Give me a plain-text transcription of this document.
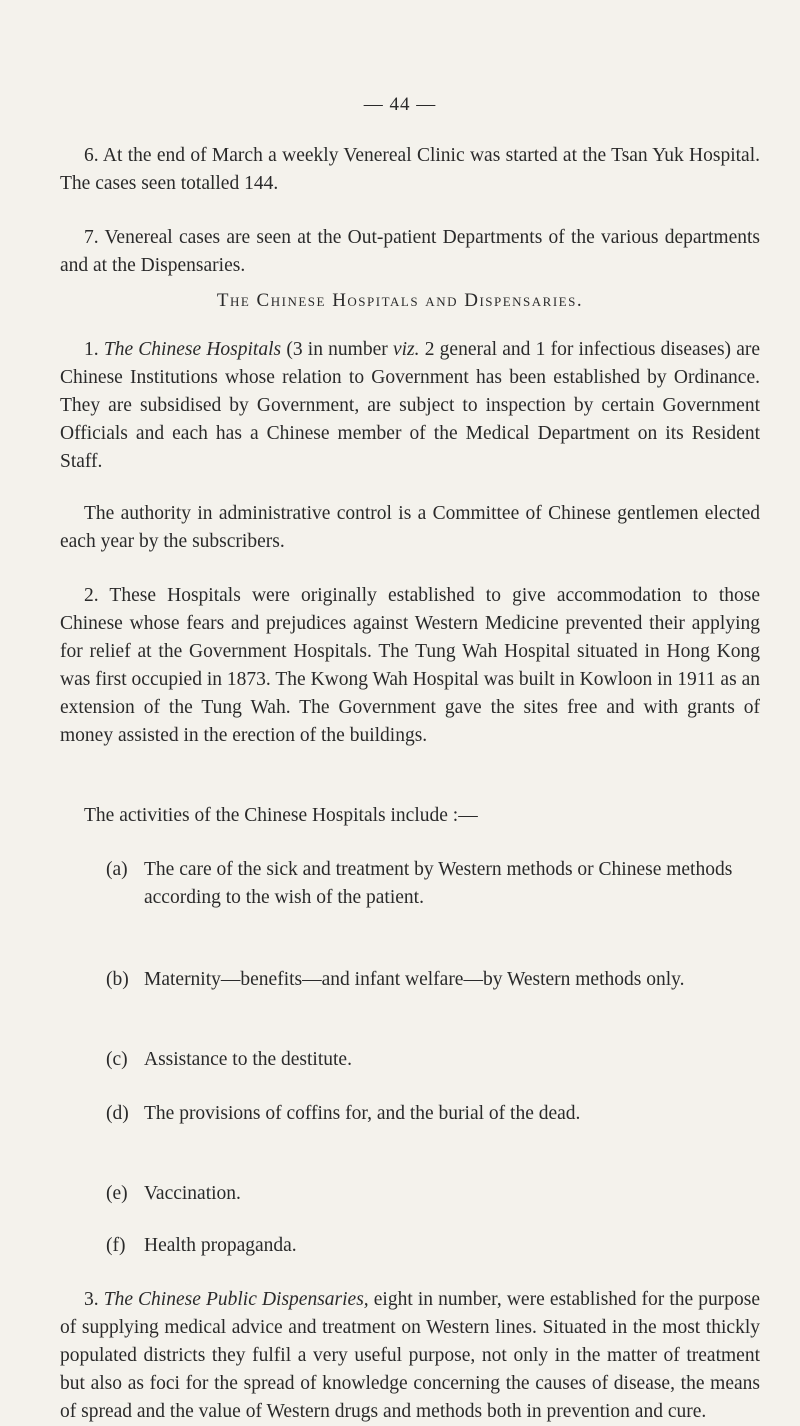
— 44 —

6. At the end of March a weekly Venereal Clinic was started at the Tsan Yuk Hospital. The cases seen totalled 144.

7. Venereal cases are seen at the Out-patient Departments of the various departments and at the Dispensaries.

The Chinese Hospitals and Dispensaries.

1. The Chinese Hospitals (3 in number viz. 2 general and 1 for infectious diseases) are Chinese Institutions whose relation to Government has been established by Ordinance. They are subsidised by Government, are subject to inspection by certain Government Officials and each has a Chinese member of the Medical Department on its Resident Staff.

The authority in administrative control is a Committee of Chinese gentlemen elected each year by the subscribers.

2. These Hospitals were originally established to give accommodation to those Chinese whose fears and prejudices against Western Medicine prevented their applying for relief at the Government Hospitals. The Tung Wah Hospital situated in Hong Kong was first occupied in 1873. The Kwong Wah Hospital was built in Kowloon in 1911 as an extension of the Tung Wah. The Government gave the sites free and with grants of money assisted in the erection of the buildings.

The activities of the Chinese Hospitals include :—

(a) The care of the sick and treatment by Western methods or Chinese methods according to the wish of the patient.
(b) Maternity—benefits—and infant welfare—by Western methods only.
(c) Assistance to the destitute.
(d) The provisions of coffins for, and the burial of the dead.
(e) Vaccination.
(f) Health propaganda.

3. The Chinese Public Dispensaries, eight in number, were established for the purpose of supplying medical advice and treatment on Western lines. Situated in the most thickly populated districts they fulfil a very useful purpose, not only in the matter of treatment but also as foci for the spread of knowledge concerning the causes of disease, the means of spread and the value of Western drugs and methods both in prevention and cure.
